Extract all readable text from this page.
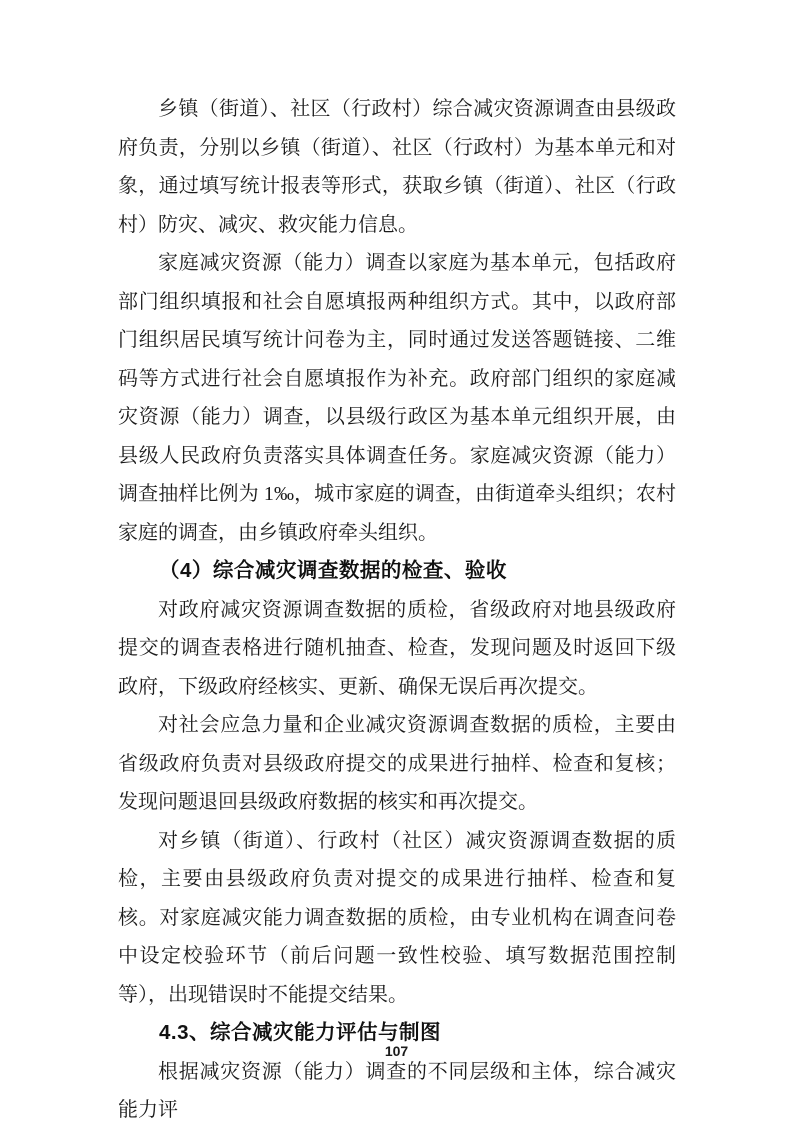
乡镇（街道）、社区（行政村）综合减灾资源调查由县级政府负责，分别以乡镇（街道）、社区（行政村）为基本单元和对象，通过填写统计报表等形式，获取乡镇（街道）、社区（行政村）防灾、减灾、救灾能力信息。

家庭减灾资源（能力）调查以家庭为基本单元，包括政府部门组织填报和社会自愿填报两种组织方式。其中，以政府部门组织居民填写统计问卷为主，同时通过发送答题链接、二维码等方式进行社会自愿填报作为补充。政府部门组织的家庭减灾资源（能力）调查，以县级行政区为基本单元组织开展，由县级人民政府负责落实具体调查任务。家庭减灾资源（能力）调查抽样比例为 1‰，城市家庭的调查，由街道牵头组织；农村家庭的调查，由乡镇政府牵头组织。

（4）综合减灾调查数据的检查、验收

对政府减灾资源调查数据的质检，省级政府对地县级政府提交的调查表格进行随机抽查、检查，发现问题及时返回下级政府，下级政府经核实、更新、确保无误后再次提交。

对社会应急力量和企业减灾资源调查数据的质检，主要由省级政府负责对县级政府提交的成果进行抽样、检查和复核；发现问题退回县级政府数据的核实和再次提交。

对乡镇（街道）、行政村（社区）减灾资源调查数据的质检，主要由县级政府负责对提交的成果进行抽样、检查和复核。对家庭减灾能力调查数据的质检，由专业机构在调查问卷中设定校验环节（前后问题一致性校验、填写数据范围控制等），出现错误时不能提交结果。

4.3、综合减灾能力评估与制图

根据减灾资源（能力）调查的不同层级和主体，综合减灾能力评

107
